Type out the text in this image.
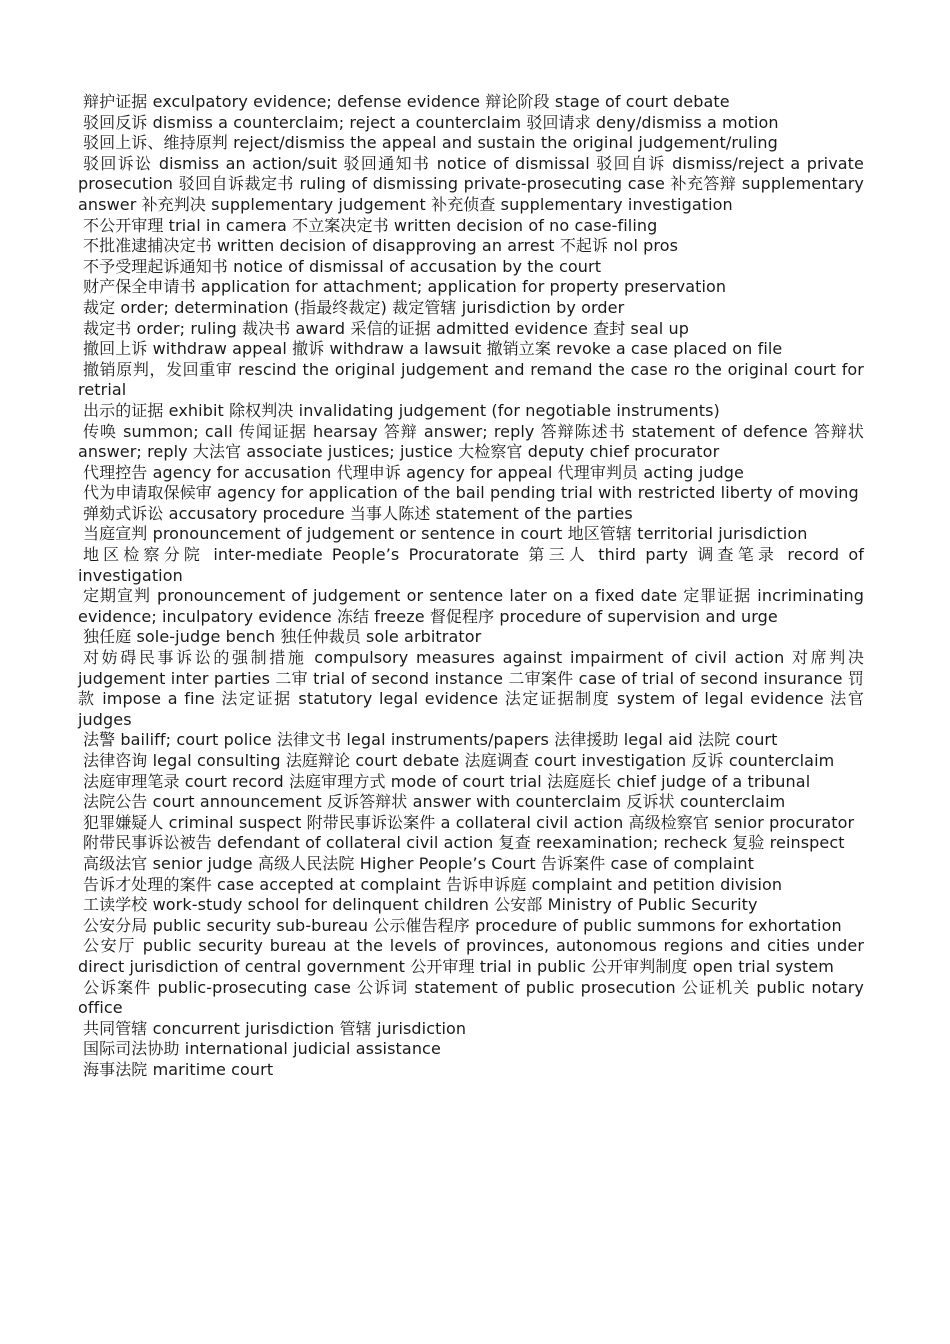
辩护证据 exculpatory evidence; defense evidence 辩论阶段 stage of court debate

驳回反诉 dismiss a counterclaim; reject a counterclaim 驳回请求 deny/dismiss a motion

驳回上诉、维持原判 reject/dismiss the appeal and sustain the original judgement/ruling

驳回诉讼 dismiss an action/suit 驳回通知书 notice of dismissal 驳回自诉 dismiss/reject a private prosecution 驳回自诉裁定书 ruling of dismissing private-prosecuting case 补充答辩 supplementary answer 补充判决 supplementary judgement 补充侦查 supplementary investigation

不公开审理 trial in camera 不立案决定书 written decision of no case-filing

不批准逮捕决定书 written decision of disapproving an arrest 不起诉 nol pros

不予受理起诉通知书 notice of dismissal of accusation by the court

财产保全申请书 application for attachment; application for property preservation

裁定 order; determination (指最终裁定) 裁定管辖 jurisdiction by order

裁定书 order; ruling 裁决书 award 采信的证据 admitted evidence 查封 seal up

撤回上诉 withdraw appeal 撤诉 withdraw a lawsuit 撤销立案 revoke a case placed on file

撤销原判，发回重审 rescind the original judgement and remand the case ro the original court for retrial

出示的证据 exhibit 除权判决 invalidating judgement (for negotiable instruments)

传唤 summon; call 传闻证据 hearsay 答辩 answer; reply 答辩陈述书 statement of defence 答辩状 answer; reply 大法官 associate justices; justice 大检察官 deputy chief procurator

代理控告 agency for accusation 代理申诉 agency for appeal 代理审判员 acting judge

代为申请取保候审 agency for application of the bail pending trial with restricted liberty of moving

弹劾式诉讼 accusatory procedure 当事人陈述 statement of the parties

当庭宣判 pronouncement of judgement or sentence in court 地区管辖 territorial jurisdiction

地区检察分院 inter-mediate People’s Procuratorate 第三人 third party 调查笔录 record of investigation

定期宣判 pronouncement of judgement or sentence later on a fixed date 定罪证据 incriminating evidence; inculpatory evidence 冻结 freeze 督促程序 procedure of supervision and urge

独任庭 sole-judge bench 独任仲裁员 sole arbitrator

对妨碍民事诉讼的强制措施 compulsory measures against impairment of civil action 对席判决 judgement inter parties 二审 trial of second instance 二审案件 case of trial of second insurance 罚款 impose a fine 法定证据 statutory legal evidence 法定证据制度 system of legal evidence 法官 judges

法警 bailiff; court police 法律文书 legal instruments/papers 法律援助 legal aid 法院 court

法律咨询 legal consulting 法庭辩论 court debate 法庭调查 court investigation 反诉 counterclaim

法庭审理笔录 court record 法庭审理方式 mode of court trial 法庭庭长 chief judge of a tribunal

法院公告 court announcement 反诉答辩状 answer with counterclaim 反诉状 counterclaim

犯罪嫌疑人 criminal suspect 附带民事诉讼案件 a collateral civil action 高级检察官 senior procurator

附带民事诉讼被告 defendant of collateral civil action 复查 reexamination; recheck 复验 reinspect

高级法官 senior judge 高级人民法院 Higher People’s Court 告诉案件 case of complaint

告诉才处理的案件 case accepted at complaint 告诉申诉庭 complaint and petition division

工读学校 work-study school for delinquent children 公安部 Ministry of Public Security

公安分局 public security sub-bureau 公示催告程序 procedure of public summons for exhortation

公安厅 public security bureau at the levels of provinces, autonomous regions and cities under direct jurisdiction of central government 公开审理 trial in public 公开审判制度 open trial system

公诉案件 public-prosecuting case 公诉词 statement of public prosecution 公证机关 public notary office

共同管辖 concurrent jurisdiction 管辖 jurisdiction

国际司法协助 international judicial assistance

海事法院 maritime court
